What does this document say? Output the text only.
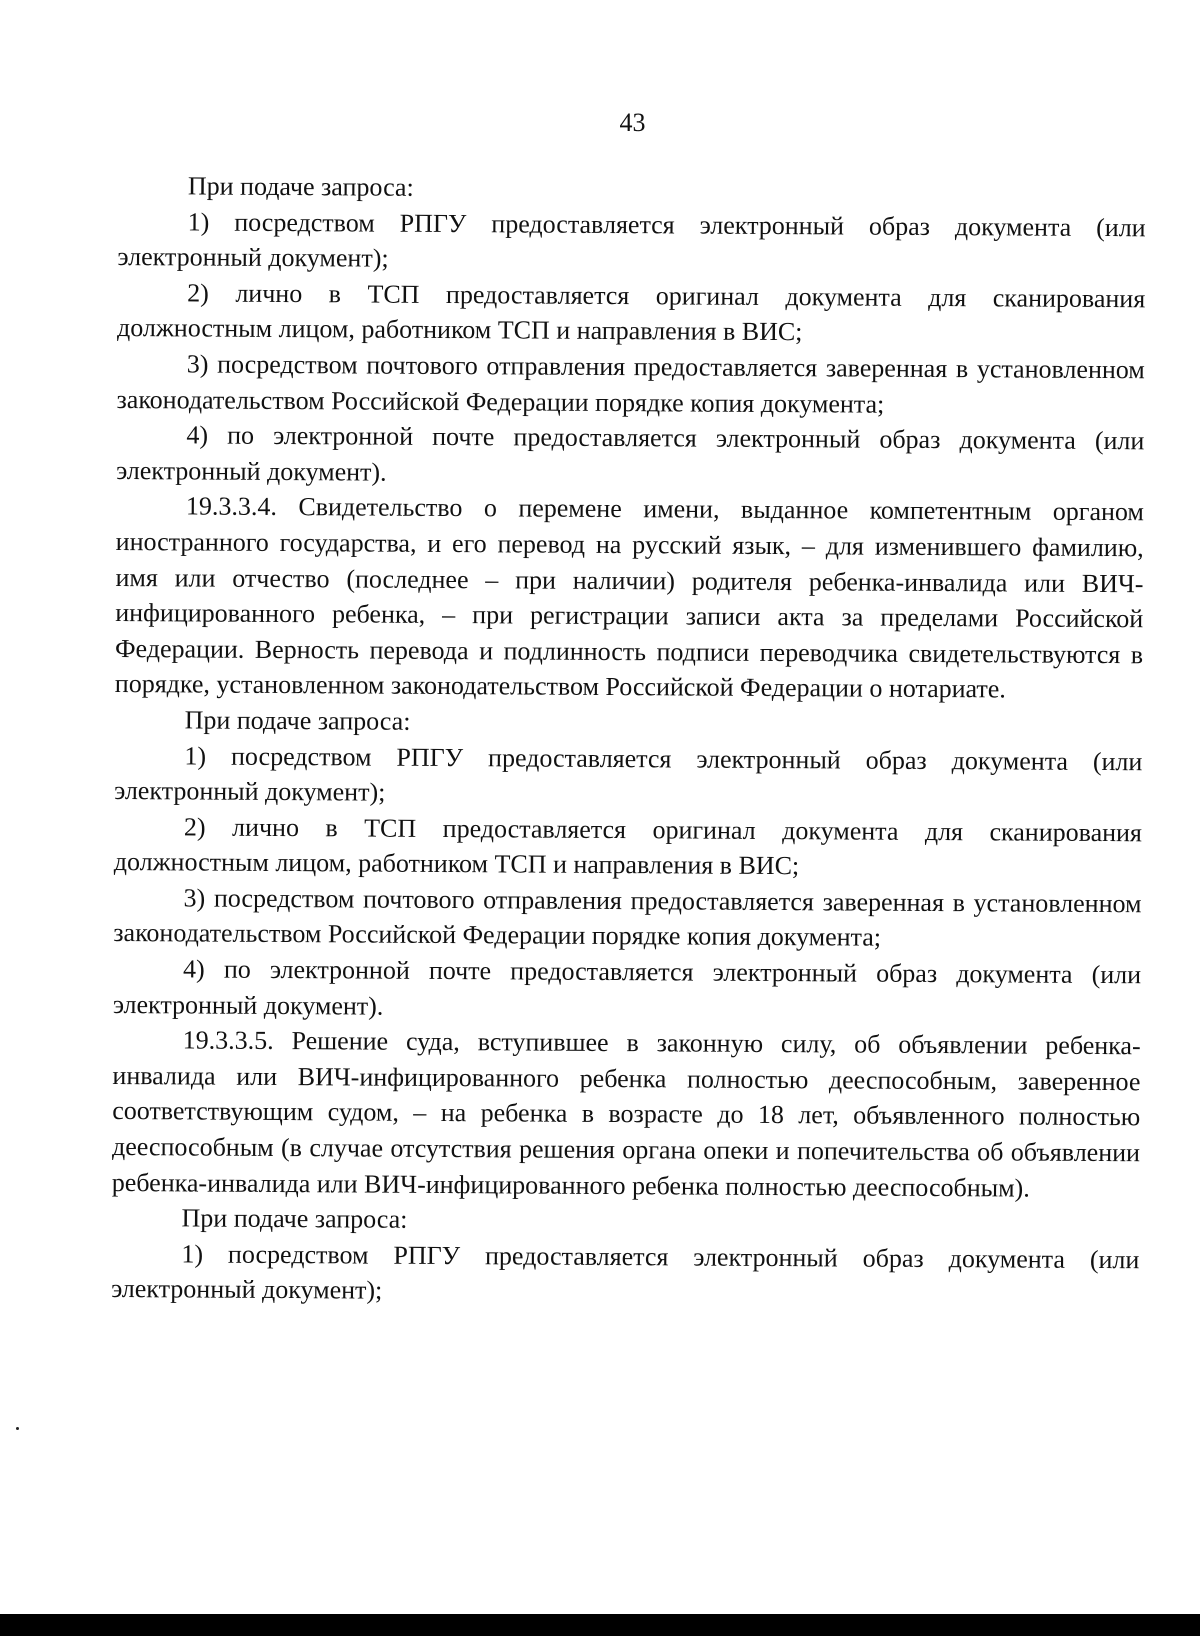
43

При подаче запроса:

1) посредством РПГУ предоставляется электронный образ документа (или электронный документ);

2) лично в ТСП предоставляется оригинал документа для сканирования должностным лицом, работником ТСП и направления в ВИС;

3) посредством почтового отправления предоставляется заверенная в установленном законодательством Российской Федерации порядке копия документа;

4) по электронной почте предоставляется электронный образ документа (или электронный документ).

19.3.3.4. Свидетельство о перемене имени, выданное компетентным органом иностранного государства, и его перевод на русский язык, – для изменившего фамилию, имя или отчество (последнее – при наличии) родителя ребенка-инвалида или ВИЧ-инфицированного ребенка, – при регистрации записи акта за пределами Российской Федерации. Верность перевода и подлинность подписи переводчика свидетельствуются в порядке, установленном законодательством Российской Федерации о нотариате.

При подаче запроса:

1) посредством РПГУ предоставляется электронный образ документа (или электронный документ);

2) лично в ТСП предоставляется оригинал документа для сканирования должностным лицом, работником ТСП и направления в ВИС;

3) посредством почтового отправления предоставляется заверенная в установленном законодательством Российской Федерации порядке копия документа;

4) по электронной почте предоставляется электронный образ документа (или электронный документ).

19.3.3.5. Решение суда, вступившее в законную силу, об объявлении ребенка-инвалида или ВИЧ-инфицированного ребенка полностью дееспособным, заверенное соответствующим судом, – на ребенка в возрасте до 18 лет, объявленного полностью дееспособным (в случае отсутствия решения органа опеки и попечительства об объявлении ребенка-инвалида или ВИЧ-инфицированного ребенка полностью дееспособным).

При подаче запроса:

1) посредством РПГУ предоставляется электронный образ документа (или электронный документ);
